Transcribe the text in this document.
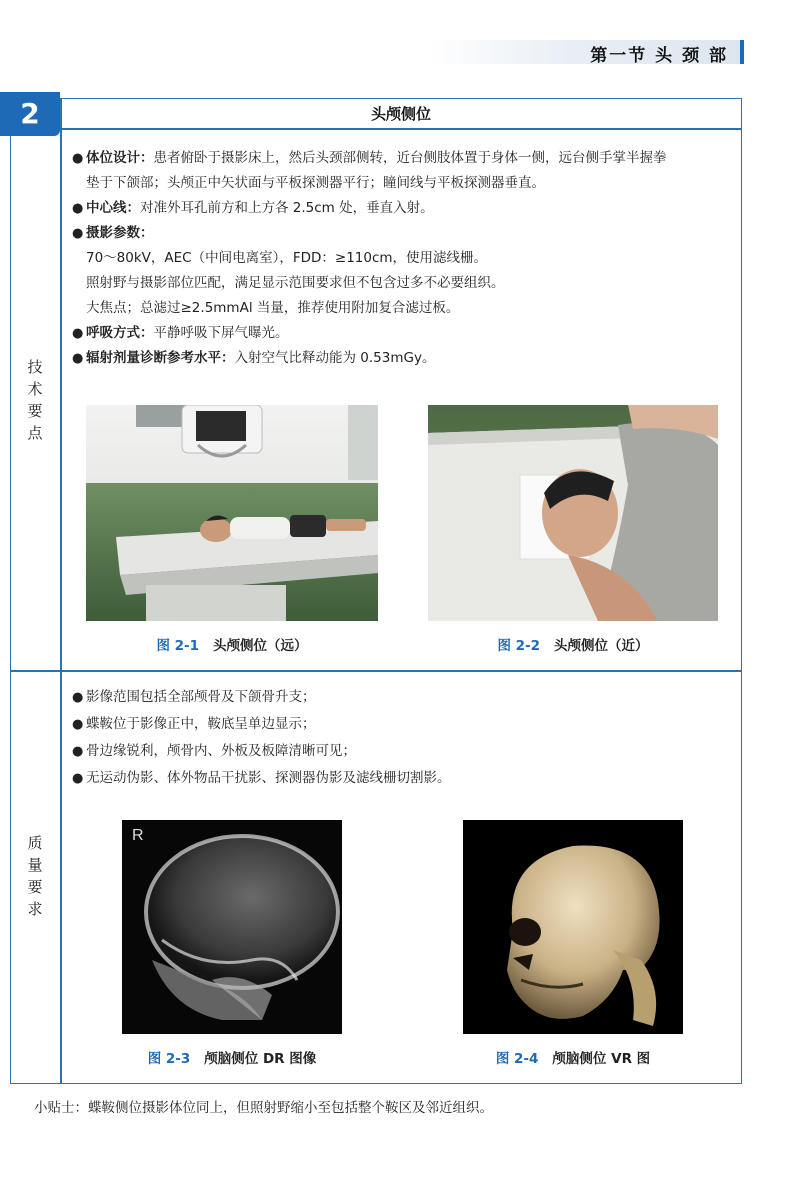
第一节 头 颈 部
2	头颅侧位
技
术
要
点
质
量
要
求
● 体位设计：患者俯卧于摄影床上，然后头颈部侧转，近台侧肢体置于身体一侧，远台侧手掌半握拳
垫于下颌部；头颅正中矢状面与平板探测器平行；瞳间线与平板探测器垂直。
● 中心线：对准外耳孔前方和上方各 2.5cm 处，垂直入射。
● 摄影参数：
70～80kV，AEC（中间电离室），FDD：≥110cm，使用滤线栅。
照射野与摄影部位匹配，满足显示范围要求但不包含过多不必要组织。
大焦点；总滤过≥2.5mmAl 当量，推荐使用附加复合滤过板。
● 呼吸方式：平静呼吸下屏气曝光。
● 辐射剂量诊断参考水平：入射空气比释动能为 0.53mGy。
图 2-1 头颅侧位（远）	图 2-2 头颅侧位（近）
● 影像范围包括全部颅骨及下颌骨升支；
● 蝶鞍位于影像正中，鞍底呈单边显示；
● 骨边缘锐利，颅骨内、外板及板障清晰可见；
● 无运动伪影、体外物品干扰影、探测器伪影及滤线栅切割影。
R
图 2-3 颅脑侧位 DR 图像	图 2-4 颅脑侧位 VR 图
小贴士：蝶鞍侧位摄影体位同上，但照射野缩小至包括整个鞍区及邻近组织。
